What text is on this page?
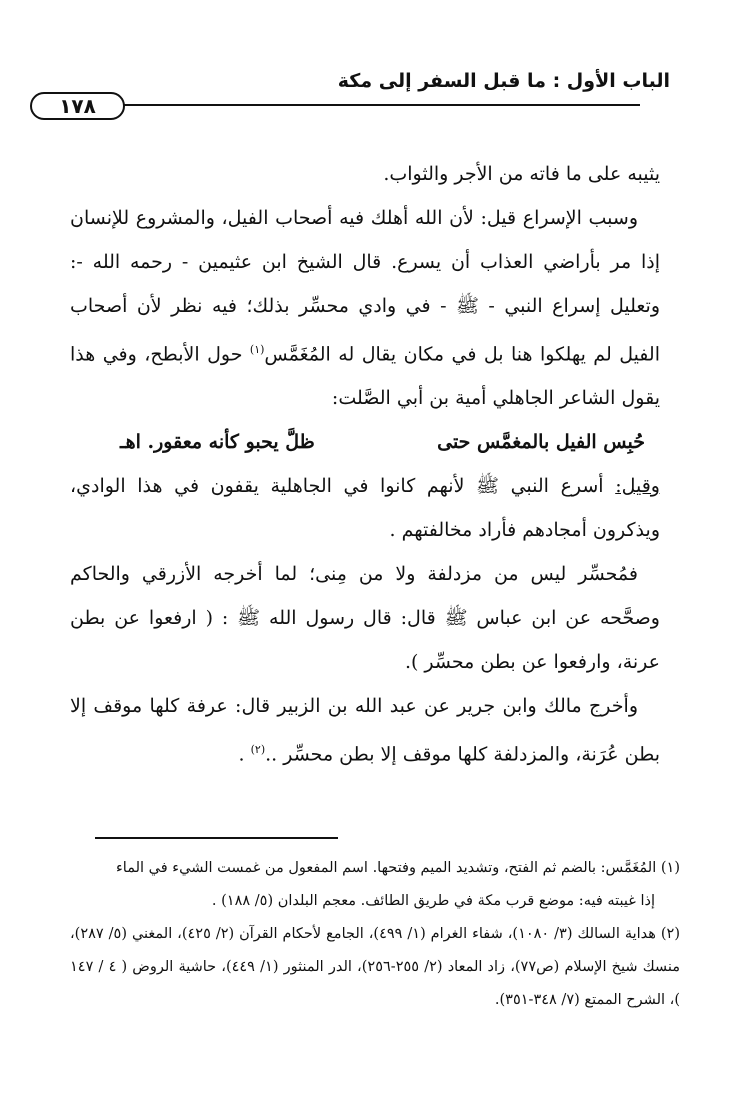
الباب الأول : ما قبل السفر إلى مكة
١٧٨

يثيبه على ما فاته من الأجر والثواب.

وسبب الإسراع قيل: لأن الله أهلك فيه أصحاب الفيل، والمشروع للإنسان إذا مر بأراضي العذاب أن يسرع. قال الشيخ ابن عثيمين - رحمه الله -: وتعليل إسراع النبي - ﷺ - في وادي محسِّر بذلك؛ فيه نظر لأن أصحاب الفيل لم يهلكوا هنا بل في مكان يقال له المُغَمَّس$^{(١)}$ حول الأبطح، وفي هذا يقول الشاعر الجاهلي أمية بن أبي الصَّلت:

حُبِس الفيل بالمغمَّس حتى
ظلَّ يحبو كأنه معقور. اهـ

وقيل: أسرع النبي ﷺ لأنهم كانوا في الجاهلية يقفون في هذا الوادي، ويذكرون أمجادهم فأراد مخالفتهم .

فمُحسِّر ليس من مزدلفة ولا من مِنى؛ لما أخرجه الأزرقي والحاكم وصحَّحه عن ابن عباس ﷺ قال: قال رسول الله ﷺ : ( ارفعوا عن بطن عرنة، وارفعوا عن بطن محسِّر ).

وأخرج مالك وابن جرير عن عبد الله بن الزبير قال: عرفة كلها موقف إلا بطن عُرَنة، والمزدلفة كلها موقف إلا بطن محسِّر ..$^{(٢)}$ .

(١) المُغَمَّس: بالضم ثم الفتح، وتشديد الميم وفتحها. اسم المفعول من غمست الشيء في الماء

إذا غيبته فيه: موضع قرب مكة في طريق الطائف. معجم البلدان (٥/ ١٨٨) .

(٢) هداية السالك (٣/ ١٠٨٠)، شفاء الغرام (١/ ٤٩٩)، الجامع لأحكام القرآن (٢/ ٤٢٥)، المغني (٥/ ٢٨٧)، منسك شيخ الإسلام (ص٧٧)، زاد المعاد (٢/ ٢٥٥-٢٥٦)، الدر المنثور (١/ ٤٤٩)، حاشية الروض ( ٤ / ١٤٧ )، الشرح الممتع (٧/ ٣٤٨-٣٥١).
